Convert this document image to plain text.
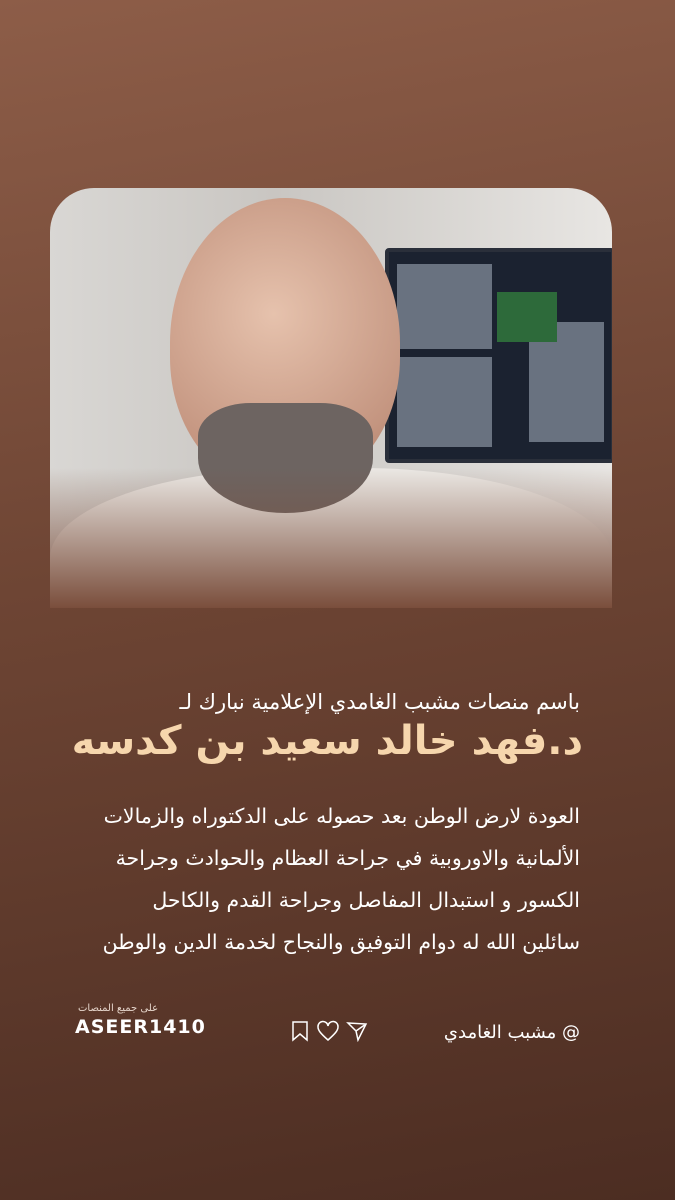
باسم منصات مشبب الغامدي الإعلامية نبارك لـ
د.فهد خالد سعيد بن كدسه
العودة لارض الوطن بعد حصوله على الدكتوراه والزمالات
الألمانية والاوروبية في جراحة العظام والحوادث وجراحة
الكسور و استبدال المفاصل وجراحة القدم والكاحل
سائلين الله له دوام التوفيق والنجاح لخدمة الدين والوطن
على جميع المنصات
ASEER1410	@ مشبب الغامدي
